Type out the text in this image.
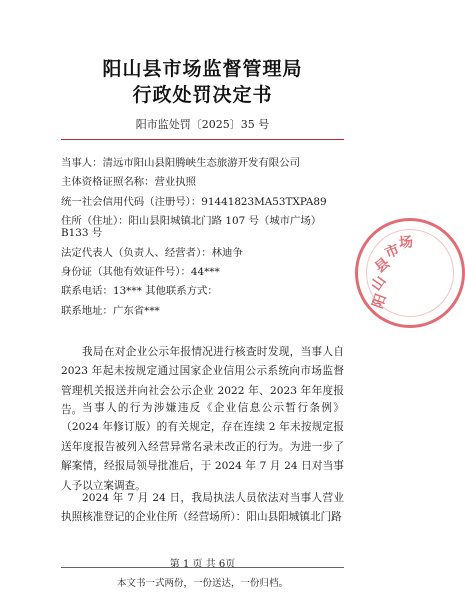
阳山县市场监督管理局
行政处罚决定书
阳市监处罚〔2025〕35 号
当事人：清远市阳山县阳腾峡生态旅游开发有限公司
主体资格证照名称：营业执照
统一社会信用代码（注册号）：91441823MA53TXPA89
住所（住址）：阳山县阳城镇北门路 107 号（城市广场）B133 号
法定代表人（负责人、经营者）：林迪争
身份证（其他有效证件号）：44***
联系电话：13*** 其他联系方式：
联系地址：广东省***
我局在对企业公示年报情况进行核查时发现，当事人自 2023 年起未按规定通过国家企业信用公示系统向市场监督管理机关报送并向社会公示企业 2022 年、2023 年年度报告。 当事人的行为涉嫌违反《企业信息公示暂行条例》（2024 年修订版）的有关规定，存在连续 2 年未按规定报送年度报告被列入经营异常名录未改正的行为。为进一步了解案情，经报局领导批准后，于 2024 年 7 月 24 日对当事人予以立案调查。
2024 年 7 月 24 日，我局执法人员依法对当事人营业执照核准登记的企业住所（经营场所）：阳山县阳城镇北门路
第 1 页 共 6页
本文书一式两份，一份送达，一份归档。
阳
山
县
市
场
